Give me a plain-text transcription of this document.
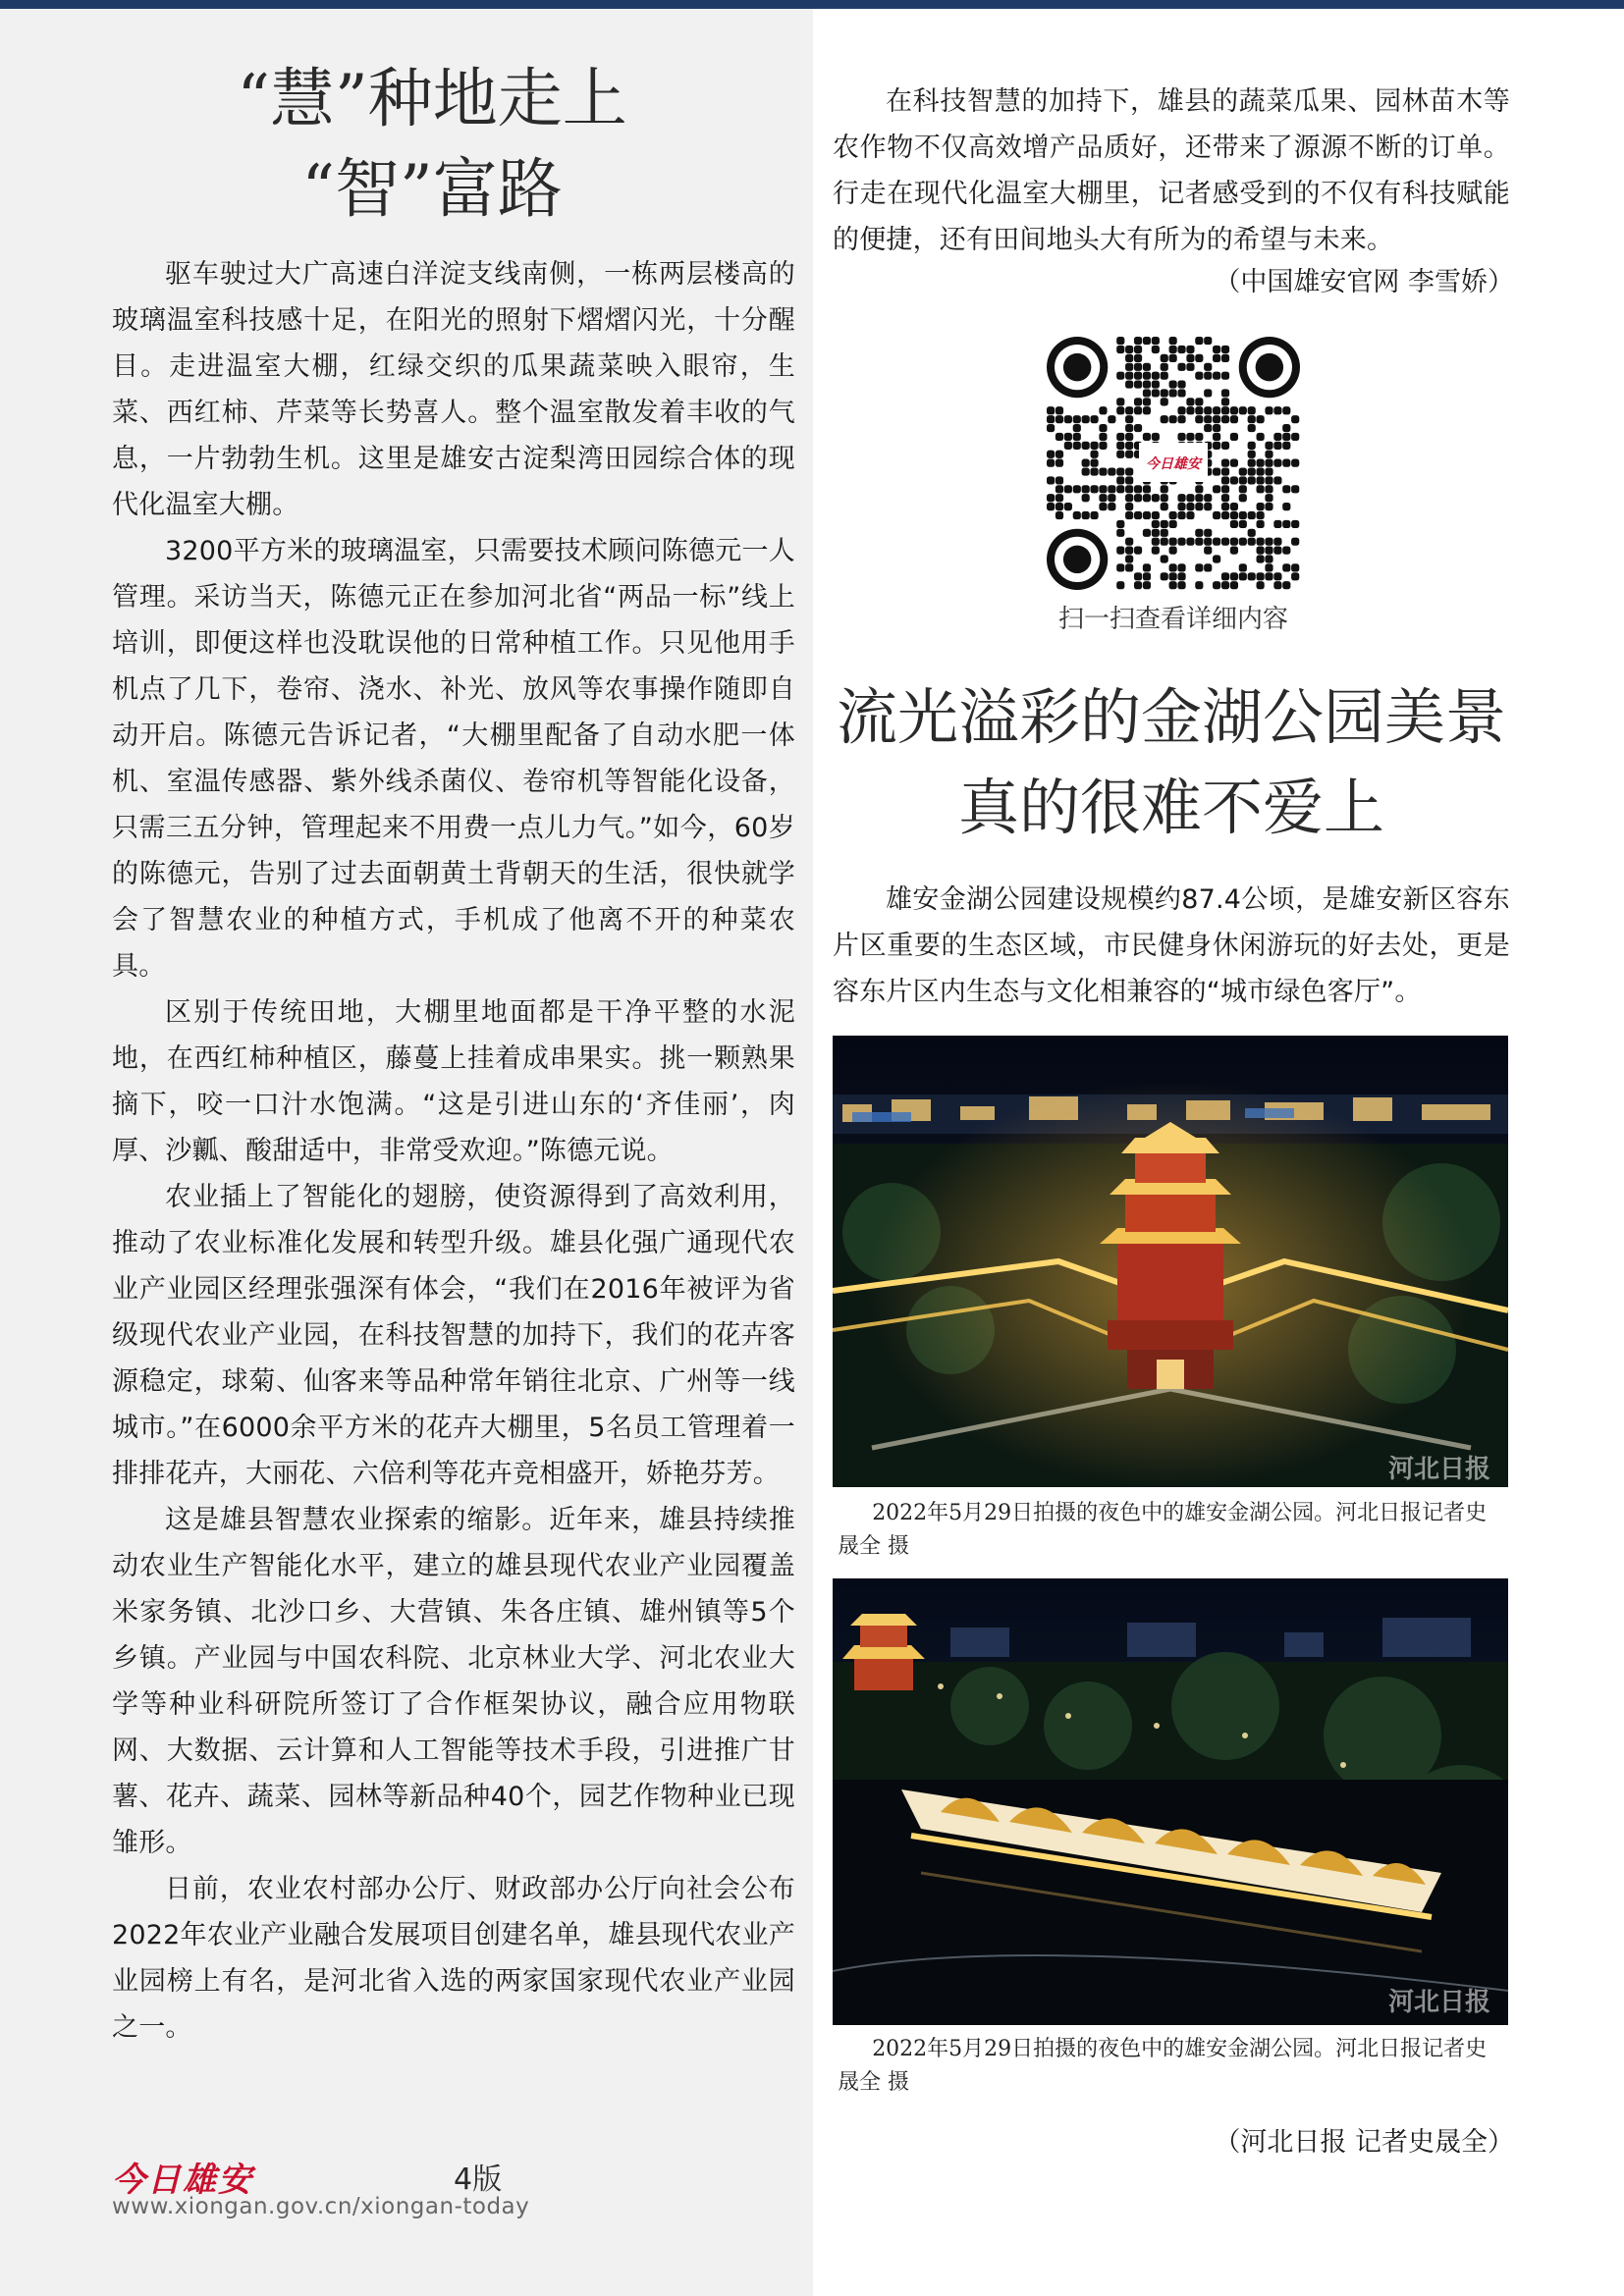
“慧”种地走上
“智”富路

驱车驶过大广高速白洋淀支线南侧，一栋两层楼高的玻璃温室科技感十足，在阳光的照射下熠熠闪光，十分醒目。走进温室大棚，红绿交织的瓜果蔬菜映入眼帘，生菜、西红柿、芹菜等长势喜人。整个温室散发着丰收的气息，一片勃勃生机。这里是雄安古淀梨湾田园综合体的现代化温室大棚。

3200平方米的玻璃温室，只需要技术顾问陈德元一人管理。采访当天，陈德元正在参加河北省“两品一标”线上培训，即便这样也没耽误他的日常种植工作。只见他用手机点了几下，卷帘、浇水、补光、放风等农事操作随即自动开启。陈德元告诉记者，“大棚里配备了自动水肥一体机、室温传感器、紫外线杀菌仪、卷帘机等智能化设备，只需三五分钟，管理起来不用费一点儿力气。”如今，60岁的陈德元，告别了过去面朝黄土背朝天的生活，很快就学会了智慧农业的种植方式，手机成了他离不开的种菜农具。

区别于传统田地，大棚里地面都是干净平整的水泥地，在西红柿种植区，藤蔓上挂着成串果实。挑一颗熟果摘下，咬一口汁水饱满。“这是引进山东的‘齐佳丽’，肉厚、沙瓤、酸甜适中，非常受欢迎。”陈德元说。

农业插上了智能化的翅膀，使资源得到了高效利用，推动了农业标准化发展和转型升级。雄县化强广通现代农业产业园区经理张强深有体会，“我们在2016年被评为省级现代农业产业园，在科技智慧的加持下，我们的花卉客源稳定，球菊、仙客来等品种常年销往北京、广州等一线城市。”在6000余平方米的花卉大棚里，5名员工管理着一排排花卉，大丽花、六倍利等花卉竞相盛开，娇艳芬芳。

这是雄县智慧农业探索的缩影。近年来，雄县持续推动农业生产智能化水平，建立的雄县现代农业产业园覆盖米家务镇、北沙口乡、大营镇、朱各庄镇、雄州镇等5个乡镇。产业园与中国农科院、北京林业大学、河北农业大学等种业科研院所签订了合作框架协议，融合应用物联网、大数据、云计算和人工智能等技术手段，引进推广甘薯、花卉、蔬菜、园林等新品种40个，园艺作物种业已现雏形。

日前，农业农村部办公厅、财政部办公厅向社会公布2022年农业产业融合发展项目创建名单，雄县现代农业产业园榜上有名，是河北省入选的两家国家现代农业产业园之一。

在科技智慧的加持下，雄县的蔬菜瓜果、园林苗木等农作物不仅高效增产品质好，还带来了源源不断的订单。行走在现代化温室大棚里，记者感受到的不仅有科技赋能的便捷，还有田间地头大有所为的希望与未来。

（中国雄安官网 李雪娇）
今日雄安
扫一扫查看详细内容
流光溢彩的金湖公园美景
真的很难不爱上

雄安金湖公园建设规模约87.4公顷，是雄安新区容东片区重要的生态区域，市民健身休闲游玩的好去处，更是容东片区内生态与文化相兼容的“城市绿色客厅”。

河北日报

2022年5月29日拍摄的夜色中的雄安金湖公园。河北日报记者史晟全 摄

河北日报

2022年5月29日拍摄的夜色中的雄安金湖公园。河北日报记者史晟全 摄

（河北日报 记者史晟全）
今日雄安	4版
www.xiongan.gov.cn/xiongan-today
